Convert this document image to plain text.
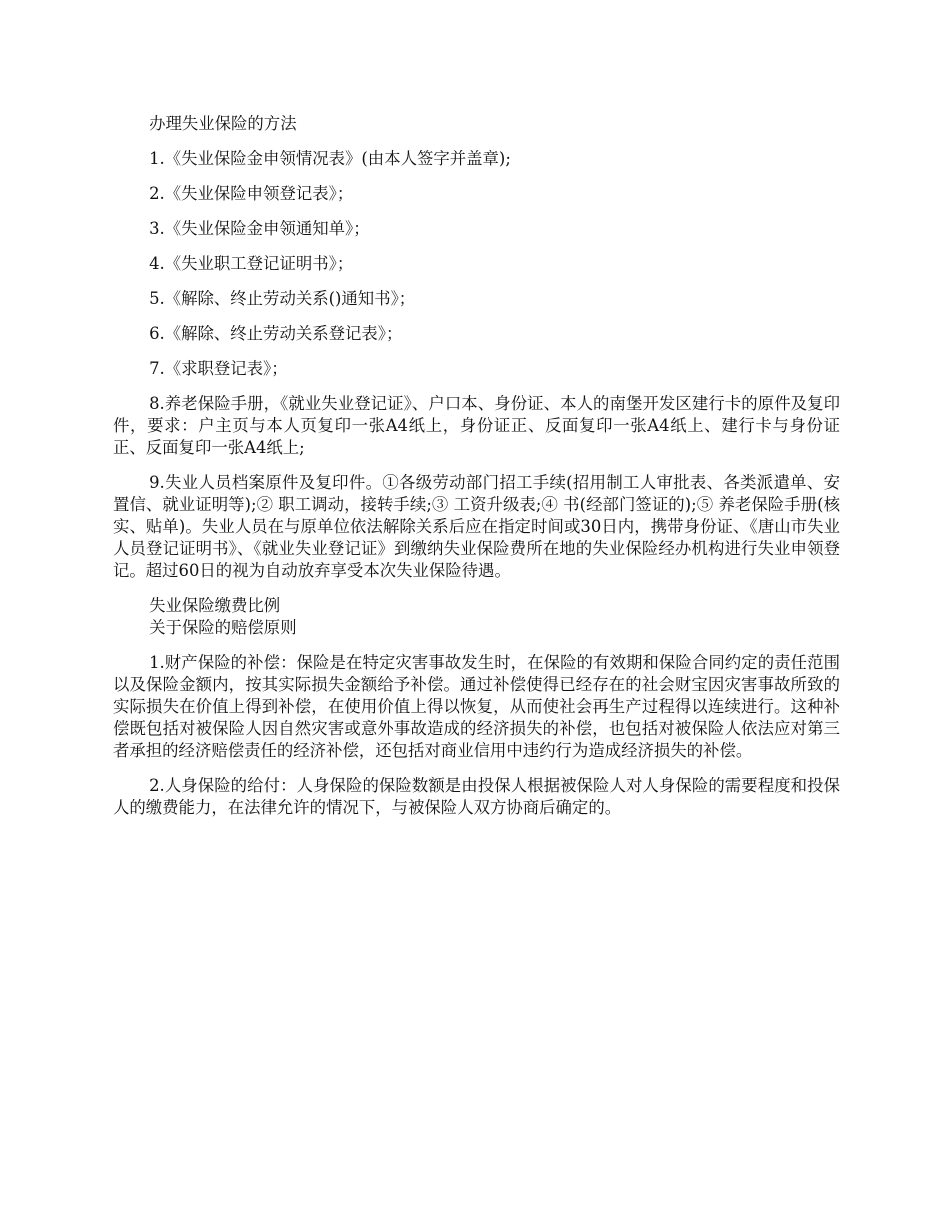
办理失业保险的方法

1.《失业保险金申领情况表》(由本人签字并盖章);

2.《失业保险申领登记表》；

3.《失业保险金申领通知单》；

4.《失业职工登记证明书》；

5.《解除、终止劳动关系()通知书》；

6.《解除、终止劳动关系登记表》；

7.《求职登记表》；

8.养老保险手册，《就业失业登记证》、户口本、身份证、本人的南堡开发区建行卡的原件及复印件，要求：户主页与本人页复印一张A4纸上，身份证正、反面复印一张A4纸上、建行卡与身份证正、反面复印一张A4纸上;

9.失业人员档案原件及复印件。①各级劳动部门招工手续(招用制工人审批表、各类派遣单、安置信、就业证明等);② 职工调动，接转手续;③ 工资升级表;④ 书(经部门签证的);⑤ 养老保险手册(核实、贴单)。失业人员在与原单位依法解除关系后应在指定时间或30日内，携带身份证、《唐山市失业人员登记证明书》、《就业失业登记证》到缴纳失业保险费所在地的失业保险经办机构进行失业申领登记。超过60日的视为自动放弃享受本次失业保险待遇。

失业保险缴费比例

关于保险的赔偿原则

1.财产保险的补偿：保险是在特定灾害事故发生时，在保险的有效期和保险合同约定的责任范围以及保险金额内，按其实际损失金额给予补偿。通过补偿使得已经存在的社会财宝因灾害事故所致的实际损失在价值上得到补偿，在使用价值上得以恢复，从而使社会再生产过程得以连续进行。这种补偿既包括对被保险人因自然灾害或意外事故造成的经济损失的补偿，也包括对被保险人依法应对第三者承担的经济赔偿责任的经济补偿，还包括对商业信用中违约行为造成经济损失的补偿。

2.人身保险的给付：人身保险的保险数额是由投保人根据被保险人对人身保险的需要程度和投保人的缴费能力，在法律允许的情况下，与被保险人双方协商后确定的。
